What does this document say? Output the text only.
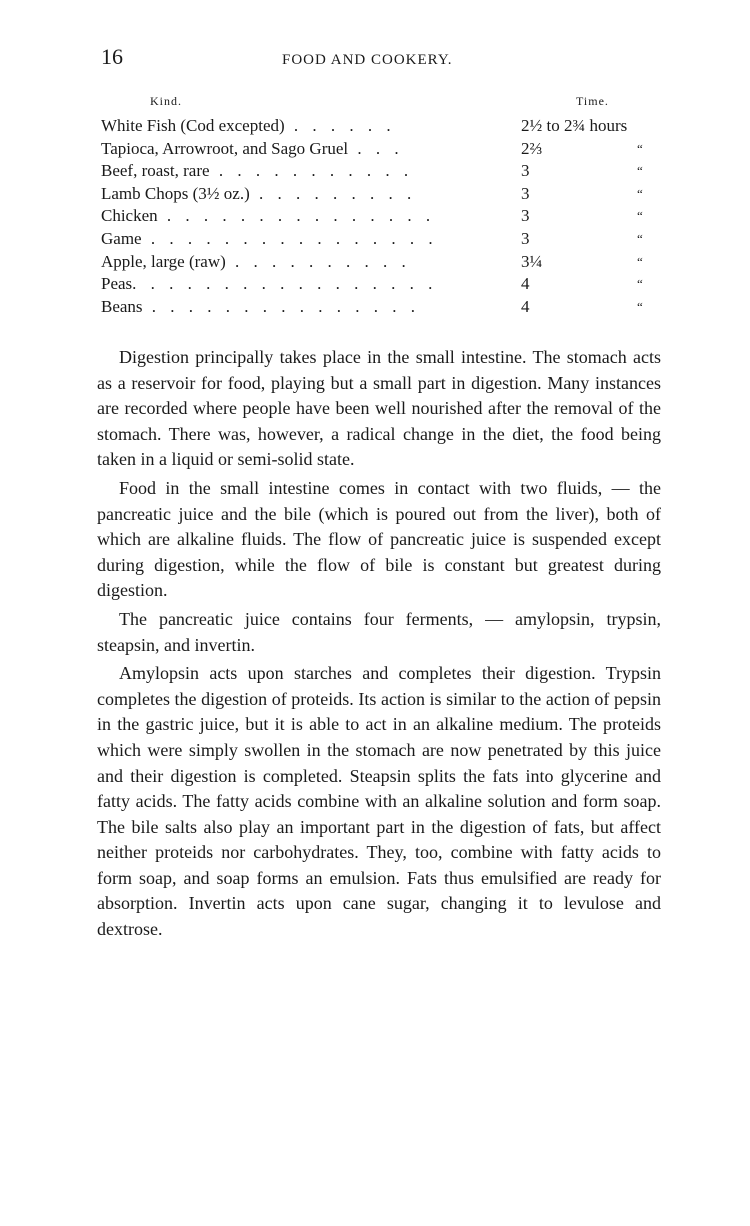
16	FOOD AND COOKERY.
Kind.	Time.
White Fish (Cod excepted) . . . . . .	2½ to 2¾ hours
Tapioca, Arrowroot, and Sago Gruel . . .	2⅔	“
Beef, roast, rare . . . . . . . . . . .	3	“
Lamb Chops (3½ oz.) . . . . . . . . .	3	“
Chicken . . . . . . . . . . . . . . .	3	“
Game . . . . . . . . . . . . . . . .	3	“
Apple, large (raw) . . . . . . . . . .	3¼	“
Peas. . . . . . . . . . . . . . . . .	4	“
Beans . . . . . . . . . . . . . . .	4	“

Digestion principally takes place in the small intestine. The stomach acts as a reservoir for food, playing but a small part in digestion. Many instances are recorded where people have been well nourished after the removal of the stomach. There was, however, a radical change in the diet, the food being taken in a liquid or semi-solid state.

Food in the small intestine comes in contact with two fluids, — the pancreatic juice and the bile (which is poured out from the liver), both of which are alkaline fluids. The flow of pancreatic juice is suspended except during digestion, while the flow of bile is constant but greatest during digestion.

The pancreatic juice contains four ferments, — amylopsin, trypsin, steapsin, and invertin.

Amylopsin acts upon starches and completes their digestion. Trypsin completes the digestion of proteids. Its action is similar to the action of pepsin in the gastric juice, but it is able to act in an alkaline medium. The proteids which were simply swollen in the stomach are now penetrated by this juice and their digestion is completed. Steapsin splits the fats into glycerine and fatty acids. The fatty acids combine with an alkaline solution and form soap. The bile salts also play an important part in the digestion of fats, but affect neither proteids nor carbohydrates. They, too, combine with fatty acids to form soap, and soap forms an emulsion. Fats thus emulsified are ready for absorption. Invertin acts upon cane sugar, changing it to levulose and dextrose.
